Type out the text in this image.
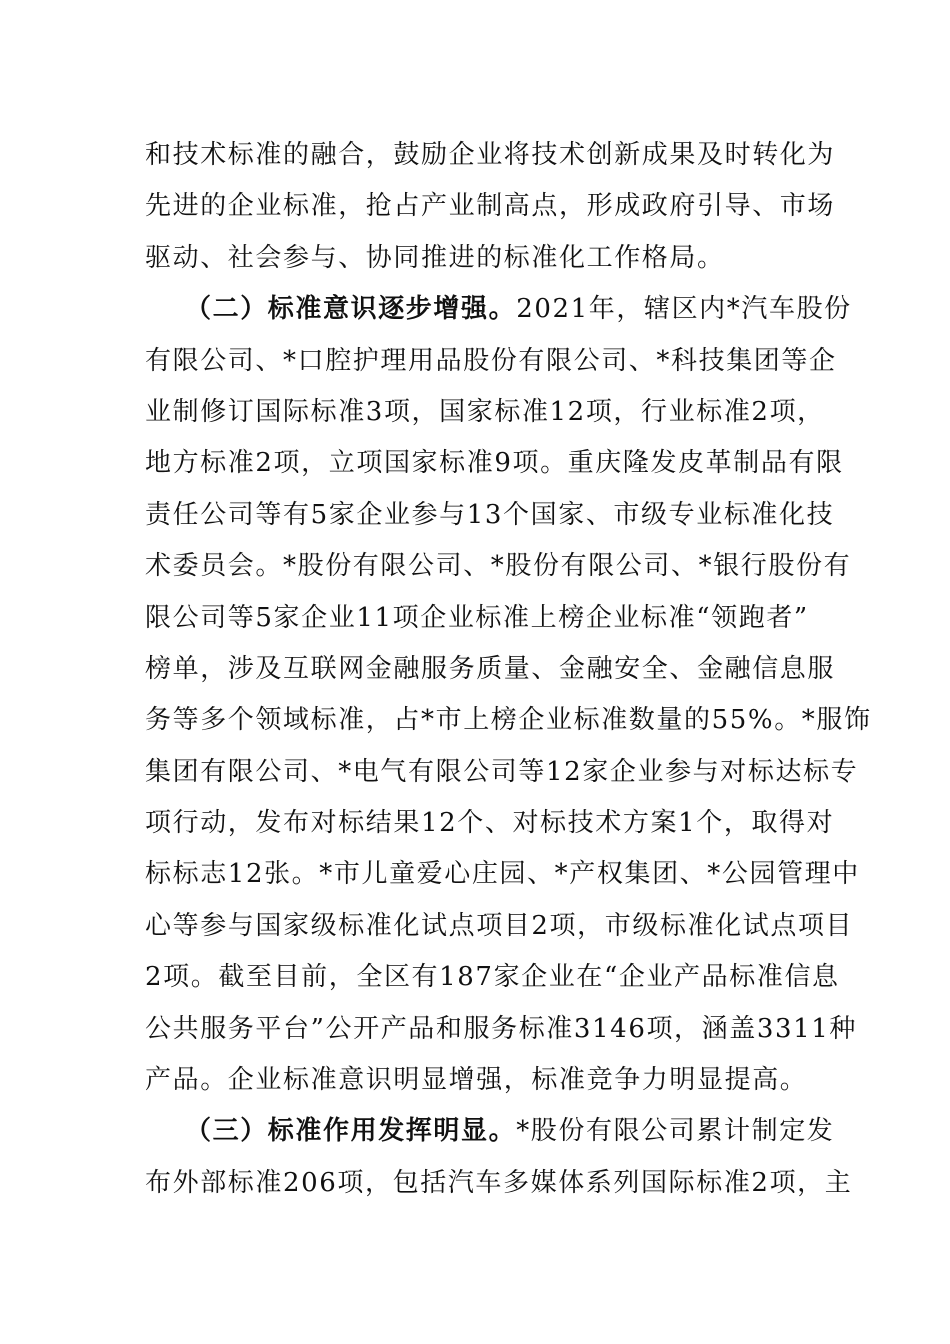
和技术标准的融合，鼓励企业将技术创新成果及时转化为
先进的企业标准，抢占产业制高点，形成政府引导、市场
驱动、社会参与、协同推进的标准化工作格局。
（二）标准意识逐步增强。2021年，辖区内*汽车股份
有限公司、*口腔护理用品股份有限公司、*科技集团等企
业制修订国际标准3项，国家标准12项，行业标准2项，
地方标准2项，立项国家标准9项。重庆隆发皮革制品有限
责任公司等有5家企业参与13个国家、市级专业标准化技
术委员会。*股份有限公司、*股份有限公司、*银行股份有
限公司等5家企业11项企业标准上榜企业标准“领跑者”
榜单，涉及互联网金融服务质量、金融安全、金融信息服
务等多个领域标准，占*市上榜企业标准数量的55%。*服饰
集团有限公司、*电气有限公司等12家企业参与对标达标专
项行动，发布对标结果12个、对标技术方案1个，取得对
标标志12张。*市儿童爱心庄园、*产权集团、*公园管理中
心等参与国家级标准化试点项目2项，市级标准化试点项目
2项。截至目前，全区有187家企业在“企业产品标准信息
公共服务平台”公开产品和服务标准3146项，涵盖3311种
产品。企业标准意识明显增强，标准竞争力明显提高。
（三）标准作用发挥明显。*股份有限公司累计制定发
布外部标准206项，包括汽车多媒体系列国际标准2项，主
